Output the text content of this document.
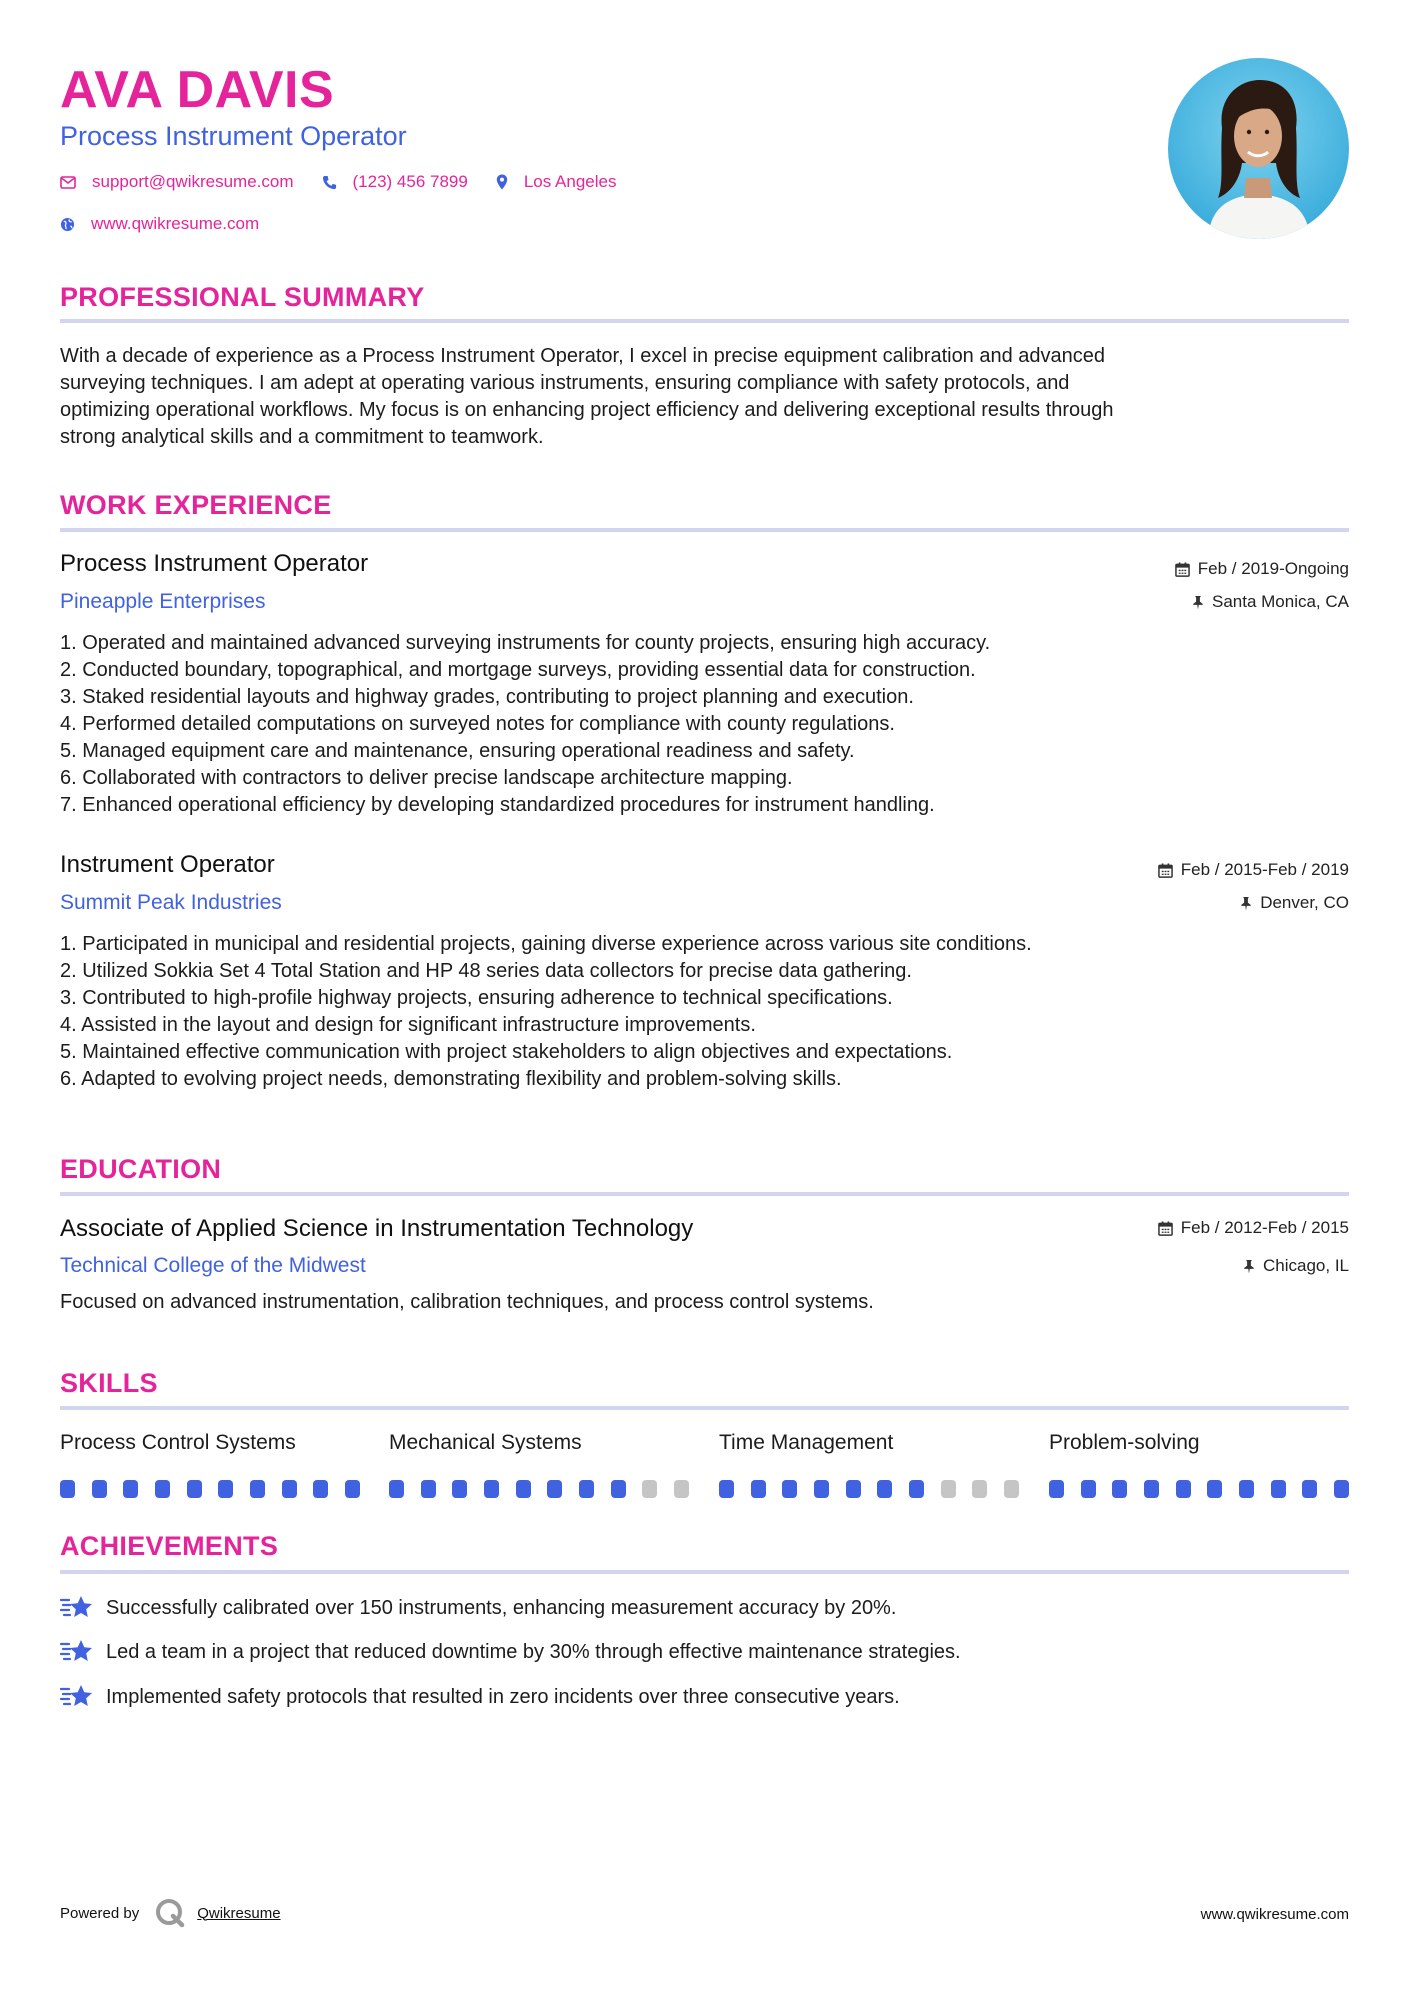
AVA DAVIS
Process Instrument Operator
support@qwikresume.com	(123) 456 7899	Los Angeles
www.qwikresume.com
PROFESSIONAL SUMMARY
With a decade of experience as a Process Instrument Operator, I excel in precise equipment calibration and advanced
surveying techniques. I am adept at operating various instruments, ensuring compliance with safety protocols, and
optimizing operational workflows. My focus is on enhancing project efficiency and delivering exceptional results through
strong analytical skills and a commitment to teamwork.
WORK EXPERIENCE
Process Instrument Operator	Feb / 2019-Ongoing
Pineapple Enterprises	Santa Monica, CA
1. Operated and maintained advanced surveying instruments for county projects, ensuring high accuracy.
2. Conducted boundary, topographical, and mortgage surveys, providing essential data for construction.
3. Staked residential layouts and highway grades, contributing to project planning and execution.
4. Performed detailed computations on surveyed notes for compliance with county regulations.
5. Managed equipment care and maintenance, ensuring operational readiness and safety.
6. Collaborated with contractors to deliver precise landscape architecture mapping.
7. Enhanced operational efficiency by developing standardized procedures for instrument handling.
Instrument Operator	Feb / 2015-Feb / 2019
Summit Peak Industries	Denver, CO
1. Participated in municipal and residential projects, gaining diverse experience across various site conditions.
2. Utilized Sokkia Set 4 Total Station and HP 48 series data collectors for precise data gathering.
3. Contributed to high-profile highway projects, ensuring adherence to technical specifications.
4. Assisted in the layout and design for significant infrastructure improvements.
5. Maintained effective communication with project stakeholders to align objectives and expectations.
6. Adapted to evolving project needs, demonstrating flexibility and problem-solving skills.
EDUCATION
Associate of Applied Science in Instrumentation Technology	Feb / 2012-Feb / 2015
Technical College of the Midwest	Chicago, IL
Focused on advanced instrumentation, calibration techniques, and process control systems.
SKILLS
Process Control Systems	Mechanical Systems	Time Management	Problem-solving
ACHIEVEMENTS
Successfully calibrated over 150 instruments, enhancing measurement accuracy by 20%.
Led a team in a project that reduced downtime by 30% through effective maintenance strategies.
Implemented safety protocols that resulted in zero incidents over three consecutive years.
Powered by	Qwikresume	www.qwikresume.com
